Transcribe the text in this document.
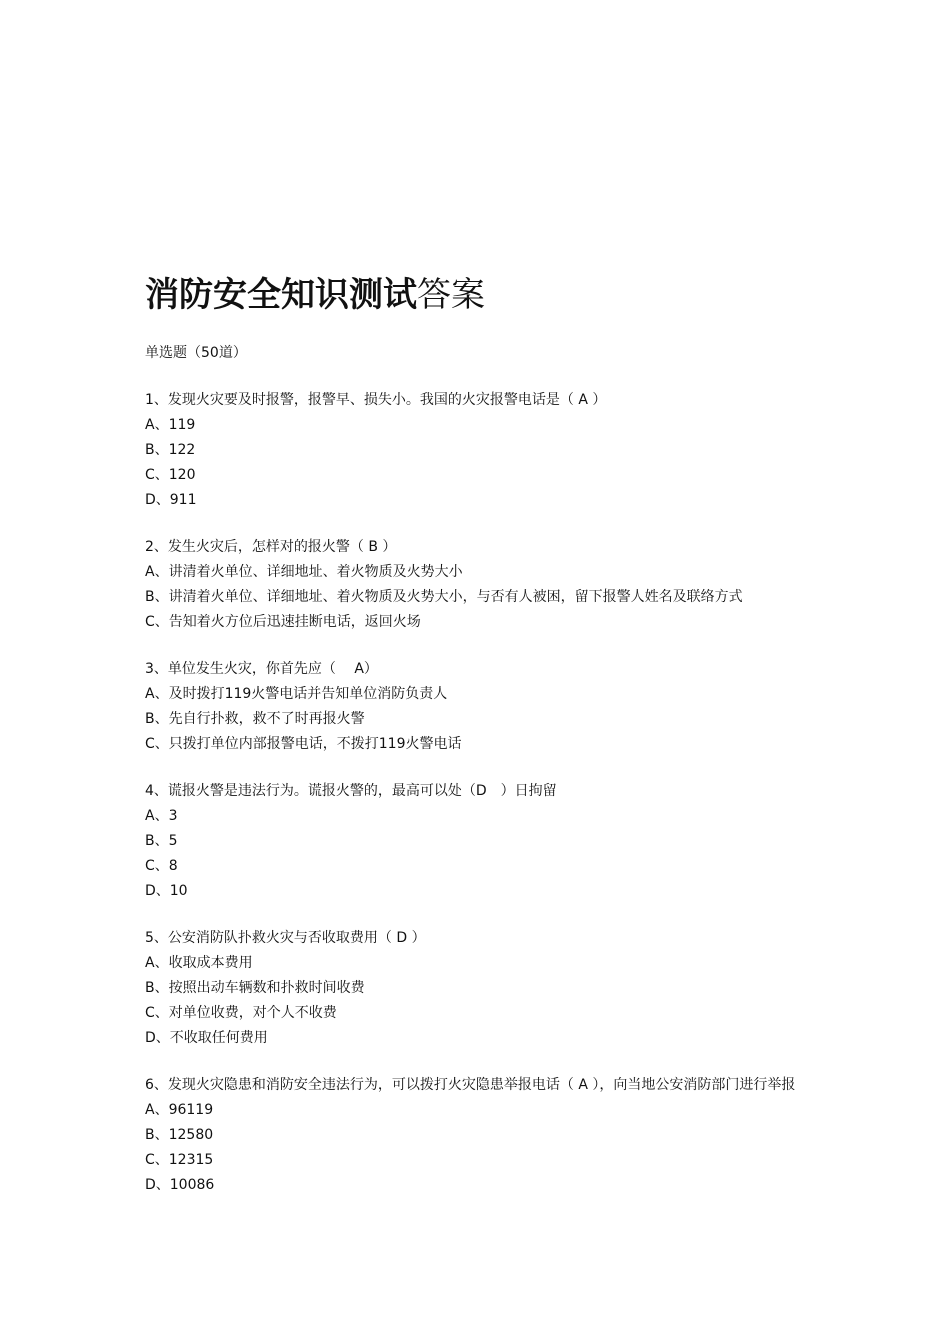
消防安全知识测试答案

单选题（50道）

1、发现火灾要及时报警，报警早、损失小。我国的火灾报警电话是（ A ）

A、119

B、122

C、120

D、911

2、发生火灾后，怎样对的报火警（ B ）

A、讲清着火单位、详细地址、着火物质及火势大小

B、讲清着火单位、详细地址、着火物质及火势大小，与否有人被困，留下报警人姓名及联络方式

C、告知着火方位后迅速挂断电话，返回火场

3、单位发生火灾，你首先应（　 A）

A、及时拨打119火警电话并告知单位消防负责人

B、先自行扑救，救不了时再报火警

C、只拨打单位内部报警电话，不拨打119火警电话

4、谎报火警是违法行为。谎报火警的，最高可以处（D　）日拘留

A、3

B、5

C、8

D、10

5、公安消防队扑救火灾与否收取费用（ D ）

A、收取成本费用

B、按照出动车辆数和扑救时间收费

C、对单位收费，对个人不收费

D、不收取任何费用

6、发现火灾隐患和消防安全违法行为，可以拨打火灾隐患举报电话（ A ），向当地公安消防部门进行举报

A、96119

B、12580

C、12315

D、10086
